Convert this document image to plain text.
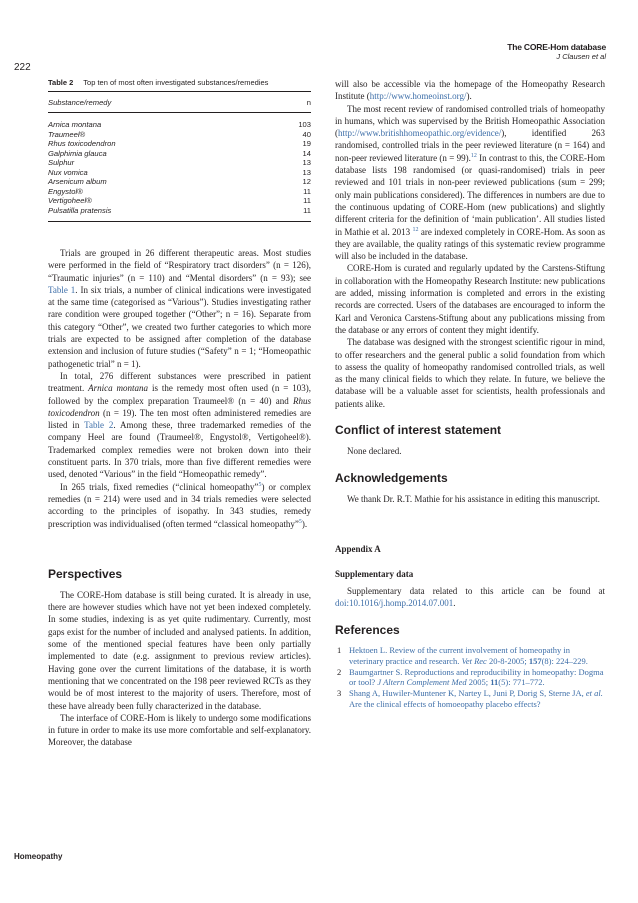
The CORE-Hom database
J Clausen et al
222
Table 2 Top ten of most often investigated substances/remedies
Substance/remedy	n
Arnica montana	103
Traumeel®	40
Rhus toxicodendron	19
Galphimia glauca	14
Sulphur	13
Nux vomica	13
Arsenicum album	12
Engystol®	11
Vertigoheel®	11
Pulsatilla pratensis	11

Trials are grouped in 26 different therapeutic areas. Most studies were performed in the field of “Respiratory tract disorders” (n = 126), “Traumatic injuries” (n = 110) and “Mental disorders” (n = 93); see Table 1. In six trials, a number of clinical indications were investigated at the same time (categorised as “Various”). Studies investigating rather rare condition were grouped together (“Other”; n = 16). Separate from this category “Other”, we created two further categories to which more trials are expected to be assigned after completion of the database extension and inclusion of future studies (“Safety” n = 1; “Homeopathic pathogenetic trial” n = 1).

In total, 276 different substances were prescribed in patient treatment. Arnica montana is the remedy most often used (n = 103), followed by the complex preparation Traumeel® (n = 40) and Rhus toxicodendron (n = 19). The ten most often administered remedies are listed in Table 2. Among these, three trademarked remedies of the company Heel are found (Traumeel®, Engystol®, Vertigoheel®). Trademarked complex remedies were not broken down into their constituent parts. In 370 trials, more than five different remedies were used, denoted “Various” in the field “Homeopathic remedy”.

In 265 trials, fixed remedies (“clinical homeopathy”$^5$) or complex remedies (n = 214) were used and in 34 trials remedies were selected according to the principles of isopathy. In 343 studies, remedy prescription was individualised (often termed “classical homeopathy”$^5$).

Perspectives

The CORE-Hom database is still being curated. It is already in use, there are however studies which have not yet been indexed completely. In some studies, indexing is as yet quite rudimentary. Currently, most gaps exist for the number of included and analysed patients. In addition, some of the mentioned special features have been only partially implemented to date (e.g. assignment to previous review articles). Having gone over the current limitations of the database, it is worth mentioning that we concentrated on the 198 peer reviewed RCTs as they would be of most interest to the majority of users. Therefore, most of these have already been fully characterized in the database.

The interface of CORE-Hom is likely to undergo some modifications in future in order to make its use more comfortable and self-explanatory. Moreover, the database

will also be accessible via the homepage of the Homeopathy Research Institute (http://www.homeoinst.org/).

The most recent review of randomised controlled trials of homeopathy in humans, which was supervised by the British Homeopathic Association (http://www.britishhomeopathic.org/evidence/), identified 263 randomised, controlled trials in the peer reviewed literature (n = 164) and non-peer reviewed literature (n = 99).$^{12}$ In contrast to this, the CORE-Hom database lists 198 randomised (or quasi-randomised) trials in peer reviewed and 101 trials in non-peer reviewed publications (sum = 299; only main publications considered). The differences in numbers are due to the continuous updating of CORE-Hom (new publications) and slightly different criteria for the definition of ‘main publication’. All studies listed in Mathie et al. 2013 $^{12}$ are indexed completely in CORE-Hom. As soon as they are available, the quality ratings of this systematic review programme will also be included in the database.

CORE-Hom is curated and regularly updated by the Carstens-Stiftung in collaboration with the Homeopathy Research Institute: new publications are added, missing information is completed and errors in the existing records are corrected. Users of the databases are encouraged to inform the Karl and Veronica Carstens-Stiftung about any publications missing from the database or any errors of content they might identify.

The database was designed with the strongest scientific rigour in mind, to offer researchers and the general public a solid foundation from which to assess the quality of homeopathy randomised controlled trials, as well as the many clinical fields to which they relate. In future, we believe the database will be a valuable asset for scientists, health professionals and patients alike.

Conflict of interest statement

None declared.

Acknowledgements

We thank Dr. R.T. Mathie for his assistance in editing this manuscript.

Appendix A
Supplementary data

Supplementary data related to this article can be found at doi:10.1016/j.homp.2014.07.001.

References
1 Hektoen L. Review of the current involvement of homeopathy in veterinary practice and research. Vet Rec 20-8-2005; 157(8): 224–229.
2 Baumgartner S. Reproductions and reproducibility in homeopathy: Dogma or tool? J Altern Complement Med 2005; 11(5): 771–772.
3 Shang A, Huwiler-Muntener K, Nartey L, Juni P, Dorig S, Sterne JA, et al. Are the clinical effects of homoeopathy placebo effects?
Homeopathy
